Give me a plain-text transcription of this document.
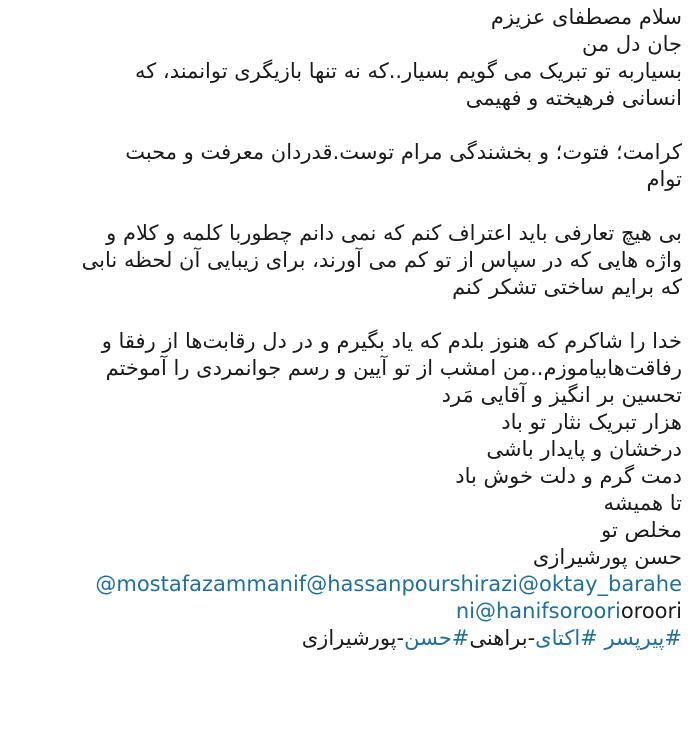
سلام مصطفای عزیزم
جان دل من
بسیاربه تو تبریک می گویم بسیار..که نه تنها بازیگری توانمند، که
انسانی فرهیخته و فهیمی
کرامت؛ فتوت؛ و بخشندگی مرام توست.قدردان معرفت و محبت
توام
بی هیچ تعارفی باید اعتراف کنم که نمی دانم چطوربا کلمه و کلام و
واژه هایی که در سپاس از تو کم می آورند، برای زیبایی آن لحظه نابی
که برایم ساختی تشکر کنم
خدا را شاکرم که هنوز بلدم که یاد بگیرم و در دل رقابت‌ها از رفقا و
رفاقت‌هابیاموزم..من امشب از تو آیین و رسم جوانمردی را آموختم
تحسین بر انگیز و آقایی مَرد
هزار تبریک نثار تو باد
درخشان و پایدار باشی
دمت گرم و دلت خوش باد
تا همیشه
مخلص تو
حسن پورشیرازی
@mostafazammanif@hassanpourshirazi@oktay_barahe
ni@hanifsoroorioroori
#پیرپسر #اکتای-براهنی#حسن-پورشیرازی
